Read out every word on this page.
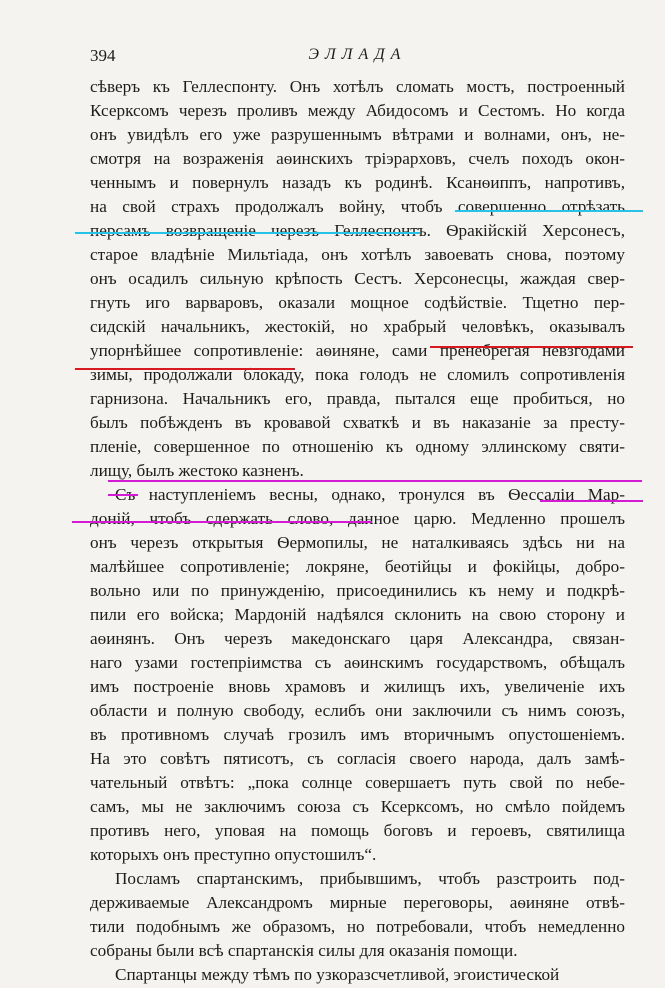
394	ЭЛЛАДА
сѣверъ къ Геллеспонту. Онъ хотѣлъ сломать мостъ, построенный
Ксерксомъ черезъ проливъ между Абидосомъ и Сестомъ. Но когда
онъ увидѣлъ его уже разрушеннымъ вѣтрами и волнами, онъ, не-
смотря на возраженія аѳинскихъ тріэрарховъ, счелъ походъ окон-
ченнымъ и повернулъ назадъ къ родинѣ. Ксанѳиппъ, напротивъ,
на свой страхъ продолжалъ войну, чтобъ совершенно отрѣзать
персамъ возвращеніе черезъ Геллеспонтъ. Ѳракійскій Херсонесъ,
старое владѣніе Мильтіада, онъ хотѣлъ завоевать снова, поэтому
онъ осадилъ сильную крѣпость Сестъ. Херсонесцы, жаждая свер-
гнуть иго варваровъ, оказали мощное содѣйствіе. Тщетно пер-
сидскій начальникъ, жестокій, но храбрый человѣкъ, оказывалъ
упорнѣйшее сопротивленіе: аѳиняне, сами пренебрегая невзгодами
зимы, продолжали блокаду, пока голодъ не сломилъ сопротивленія
гарнизона. Начальникъ его, правда, пытался еще пробиться, но
былъ побѣжденъ въ кровавой схваткѣ и въ наказаніе за престу-
пленіе, совершенное по отношенію къ одному эллинскому святи-
лищу, былъ жестоко казненъ.
Съ наступленіемъ весны, однако, тронулся въ Ѳессаліи Мар-
доній, чтобъ сдержать слово, данное царю. Медленно прошелъ
онъ черезъ открытыя Ѳермопилы, не наталкиваясь здѣсь ни на
малѣйшее сопротивленіе; локряне, беотійцы и фокійцы, добро-
вольно или по принужденію, присоединились къ нему и подкрѣ-
пили его войска; Мардоній надѣялся склонить на свою сторону и
аѳинянъ. Онъ черезъ македонскаго царя Александра, связан-
наго узами гостепріимства съ аѳинскимъ государствомъ, обѣщалъ
имъ построеніе вновь храмовъ и жилищъ ихъ, увеличеніе ихъ
области и полную свободу, еслибъ они заключили съ нимъ союзъ,
въ противномъ случаѣ грозилъ имъ вторичнымъ опустошеніемъ.
На это совѣтъ пятисотъ, съ согласія своего народа, далъ замѣ-
чательный отвѣтъ: „пока солнце совершаетъ путь свой по небе-
самъ, мы не заключимъ союза съ Ксерксомъ, но смѣло пойдемъ
противъ него, уповая на помощь боговъ и героевъ, святилища
которыхъ онъ преступно опустошилъ“.
Посламъ спартанскимъ, прибывшимъ, чтобъ разстроить под-
держиваемые Александромъ мирные переговоры, аѳиняне отвѣ-
тили подобнымъ же образомъ, но потребовали, чтобъ немедленно
собраны были всѣ спартанскія силы для оказанія помощи.
Спартанцы между тѣмъ по узкоразсчетливой, эгоистической
